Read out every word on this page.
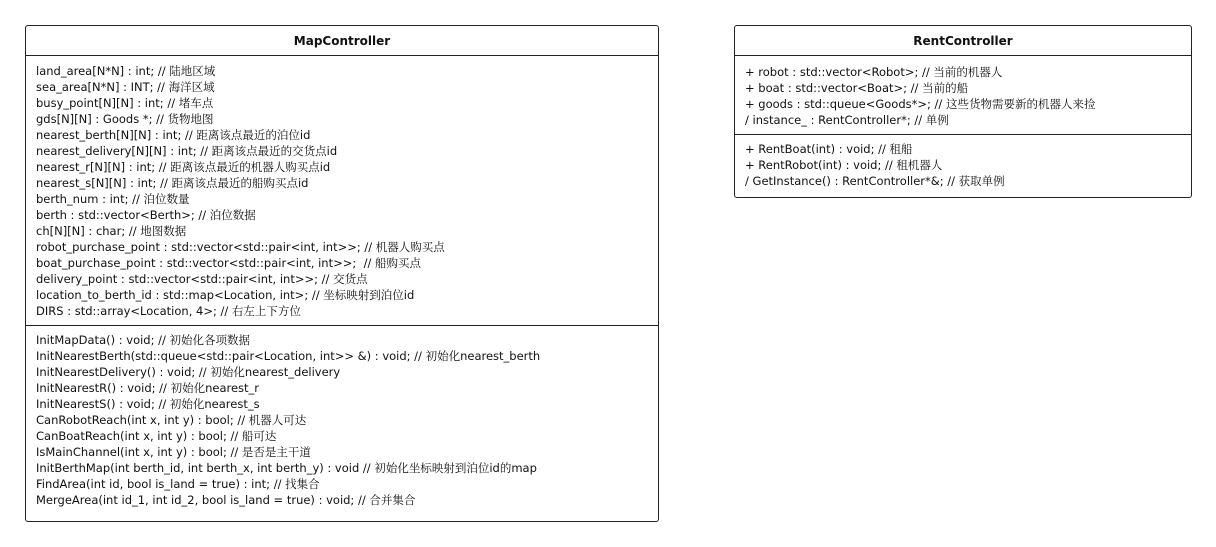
MapController
land_area[N*N] : int; // 陆地区域
sea_area[N*N] : INT; // 海洋区域
busy_point[N][N] : int; // 堵车点
gds[N][N] : Goods *; // 货物地图
nearest_berth[N][N] : int; // 距离该点最近的泊位id
nearest_delivery[N][N] : int; // 距离该点最近的交货点id
nearest_r[N][N] : int; // 距离该点最近的机器人购买点id
nearest_s[N][N] : int; // 距离该点最近的船购买点id
berth_num : int; // 泊位数量
berth : std::vector<Berth>; // 泊位数据
ch[N][N] : char; // 地图数据
robot_purchase_point : std::vector<std::pair<int, int>>; // 机器人购买点
boat_purchase_point : std::vector<std::pair<int, int>>;  // 船购买点
delivery_point : std::vector<std::pair<int, int>>; // 交货点
location_to_berth_id : std::map<Location, int>; // 坐标映射到泊位id
DIRS : std::array<Location, 4>; // 右左上下方位
InitMapData() : void; // 初始化各项数据
InitNearestBerth(std::queue<std::pair<Location, int>> &) : void; // 初始化nearest_berth
InitNearestDelivery() : void; // 初始化nearest_delivery
InitNearestR() : void; // 初始化nearest_r
InitNearestS() : void; // 初始化nearest_s
CanRobotReach(int x, int y) : bool; // 机器人可达
CanBoatReach(int x, int y) : bool; // 船可达
IsMainChannel(int x, int y) : bool; // 是否是主干道
InitBerthMap(int berth_id, int berth_x, int berth_y) : void // 初始化坐标映射到泊位id的map
FindArea(int id, bool is_land = true) : int; // 找集合
MergeArea(int id_1, int id_2, bool is_land = true) : void; // 合并集合
RentController
+ robot : std::vector<Robot>; // 当前的机器人
+ boat : std::vector<Boat>; // 当前的船
+ goods : std::queue<Goods*>; // 这些货物需要新的机器人来捡
/ instance_ : RentController*; // 单例
+ RentBoat(int) : void; // 租船
+ RentRobot(int) : void; // 租机器人
/ GetInstance() : RentController*&; // 获取单例
